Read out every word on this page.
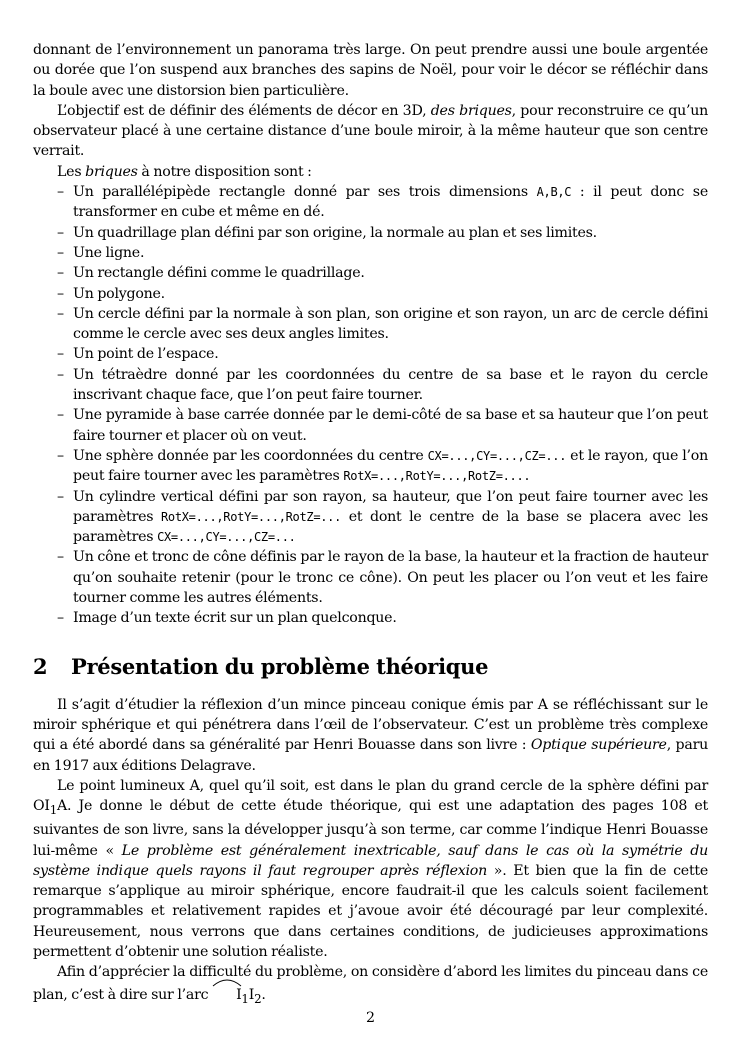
donnant de l’environnement un panorama très large. On peut prendre aussi une boule argentée ou dorée que l’on suspend aux branches des sapins de Noël, pour voir le décor se réfléchir dans la boule avec une distorsion bien particulière.

L’objectif est de définir des éléments de décor en 3D, des briques, pour reconstruire ce qu’un observateur placé à une certaine distance d’une boule miroir, à la même hauteur que son centre verrait.

Les briques à notre disposition sont :

– Un parallélépipède rectangle donné par ses trois dimensions A,B,C : il peut donc se transformer en cube et même en dé.
– Un quadrillage plan défini par son origine, la normale au plan et ses limites.
– Une ligne.
– Un rectangle défini comme le quadrillage.
– Un polygone.
– Un cercle défini par la normale à son plan, son origine et son rayon, un arc de cercle défini comme le cercle avec ses deux angles limites.
– Un point de l’espace.
– Un tétraèdre donné par les coordonnées du centre de sa base et le rayon du cercle inscrivant chaque face, que l’on peut faire tourner.
– Une pyramide à base carrée donnée par le demi-côté de sa base et sa hauteur que l’on peut faire tourner et placer où on veut.
– Une sphère donnée par les coordonnées du centre CX=...,CY=...,CZ=... et le rayon, que l’on peut faire tourner avec les paramètres RotX=...,RotY=...,RotZ=....
– Un cylindre vertical défini par son rayon, sa hauteur, que l’on peut faire tourner avec les paramètres RotX=...,RotY=...,RotZ=... et dont le centre de la base se placera avec les paramètres CX=...,CY=...,CZ=...
– Un cône et tronc de cône définis par le rayon de la base, la hauteur et la fraction de hauteur qu’on souhaite retenir (pour le tronc ce cône). On peut les placer ou l’on veut et les faire tourner comme les autres éléments.
– Image d’un texte écrit sur un plan quelconque.
2 Présentation du problème théorique

Il s’agit d’étudier la réflexion d’un mince pinceau conique émis par A se réfléchissant sur le miroir sphérique et qui pénétrera dans l’œil de l’observateur. C’est un problème très complexe qui a été abordé dans sa généralité par Henri Bouasse dans son livre : Optique supérieure, paru en 1917 aux éditions Delagrave.

Le point lumineux A, quel qu’il soit, est dans le plan du grand cercle de la sphère défini par $OI_1A$. Je donne le début de cette étude théorique, qui est une adaptation des pages 108 et suivantes de son livre, sans la développer jusqu’à son terme, car comme l’indique Henri Bouasse lui-même « Le problème est généralement inextricable, sauf dans le cas où la symétrie du système indique quels rayons il faut regrouper après réflexion ». Et bien que la fin de cette remarque s’applique au miroir sphérique, encore faudrait-il que les calculs soient facilement programmables et relativement rapides et j’avoue avoir été découragé par leur complexité. Heureusement, nous verrons que dans certaines conditions, de judicieuses approximations permettent d’obtenir une solution réaliste.

Afin d’apprécier la difficulté du problème, on considère d’abord les limites du pinceau dans ce plan, c’est à dire sur l’arc
$I_1I_2$.

2
